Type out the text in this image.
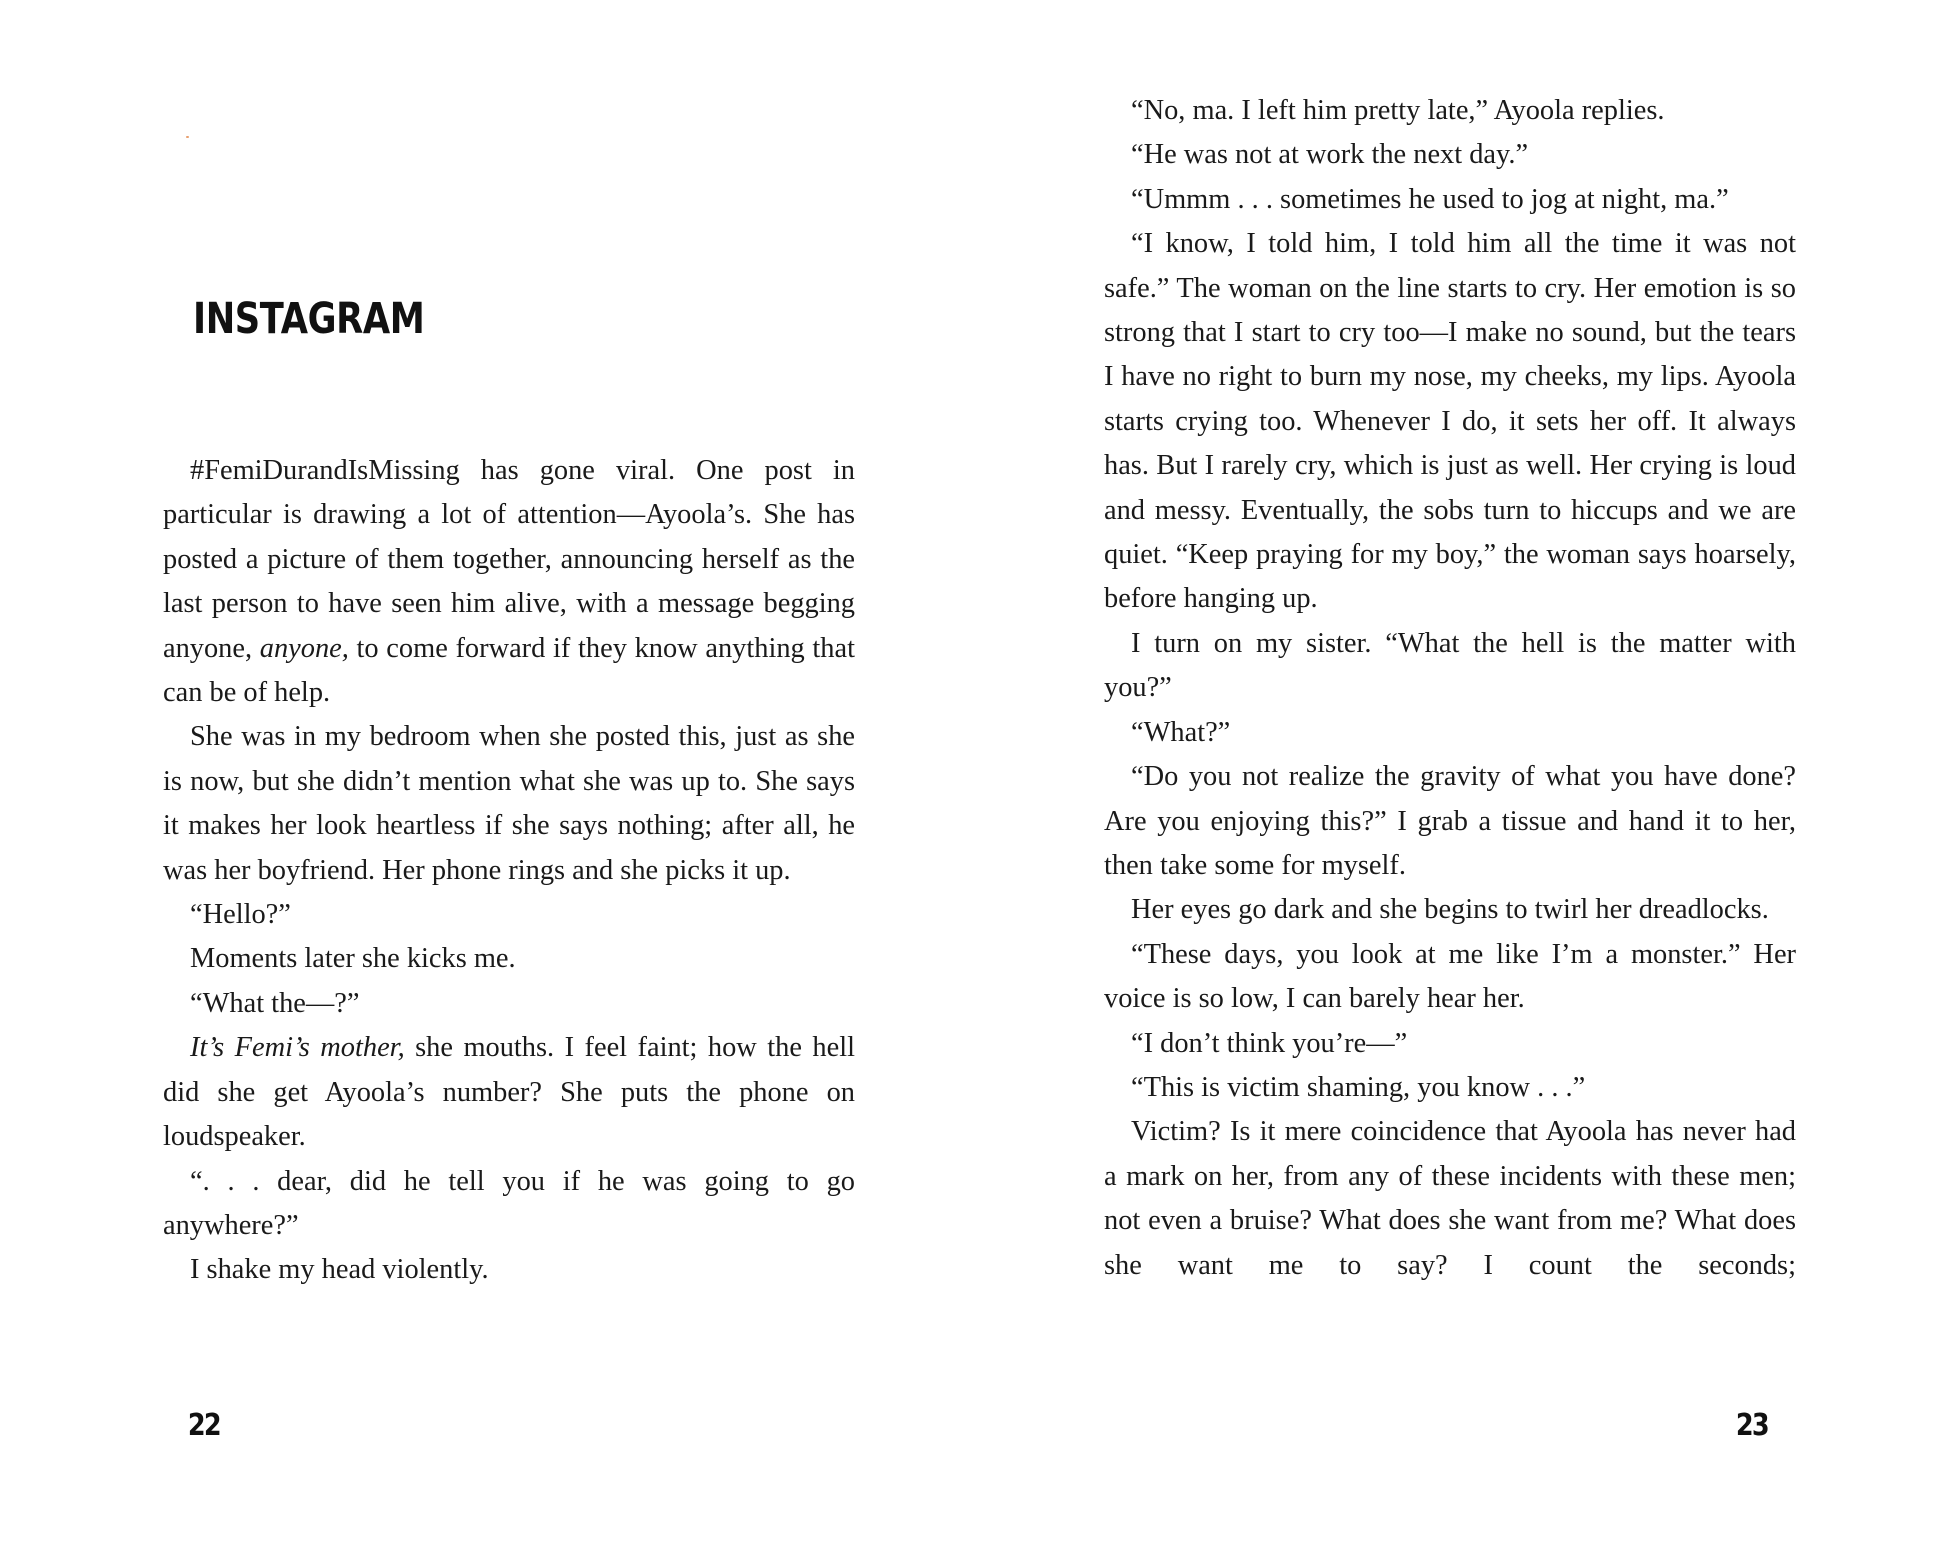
INSTAGRAM

#FemiDurandIsMissing has gone viral. One post in particular is drawing a lot of attention—Ayoola’s. She has posted a picture of them together, announcing herself as the last person to have seen him alive, with a message begging anyone, anyone, to come forward if they know anything that can be of help.

She was in my bedroom when she posted this, just as she is now, but she didn’t mention what she was up to. She says it makes her look heartless if she says nothing; after all, he was her boyfriend. Her phone rings and she picks it up.

“Hello?”

Moments later she kicks me.

“What the—?”

It’s Femi’s mother, she mouths. I feel faint; how the hell did she get Ayoola’s number? She puts the phone on loudspeaker.

“. . . dear, did he tell you if he was going to go anywhere?”

I shake my head violently.

22

“No, ma. I left him pretty late,” Ayoola replies.

“He was not at work the next day.”

“Ummm . . . sometimes he used to jog at night, ma.”

“I know, I told him, I told him all the time it was not safe.” The woman on the line starts to cry. Her emotion is so strong that I start to cry too—I make no sound, but the tears I have no right to burn my nose, my cheeks, my lips. Ayoola starts crying too. Whenever I do, it sets her off. It always has. But I rarely cry, which is just as well. Her crying is loud and messy. Eventually, the sobs turn to hiccups and we are quiet. “Keep praying for my boy,” the woman says hoarsely, before hanging up.

I turn on my sister. “What the hell is the matter with you?”

“What?”

“Do you not realize the gravity of what you have done? Are you enjoying this?” I grab a tissue and hand it to her, then take some for myself.

Her eyes go dark and she begins to twirl her dreadlocks.

“These days, you look at me like I’m a monster.” Her voice is so low, I can barely hear her.

“I don’t think you’re—”

“This is victim shaming, you know . . .”

Victim? Is it mere coincidence that Ayoola has never had a mark on her, from any of these incidents with these men; not even a bruise? What does she want from me? What does she want me to say? I count the seconds;

23
